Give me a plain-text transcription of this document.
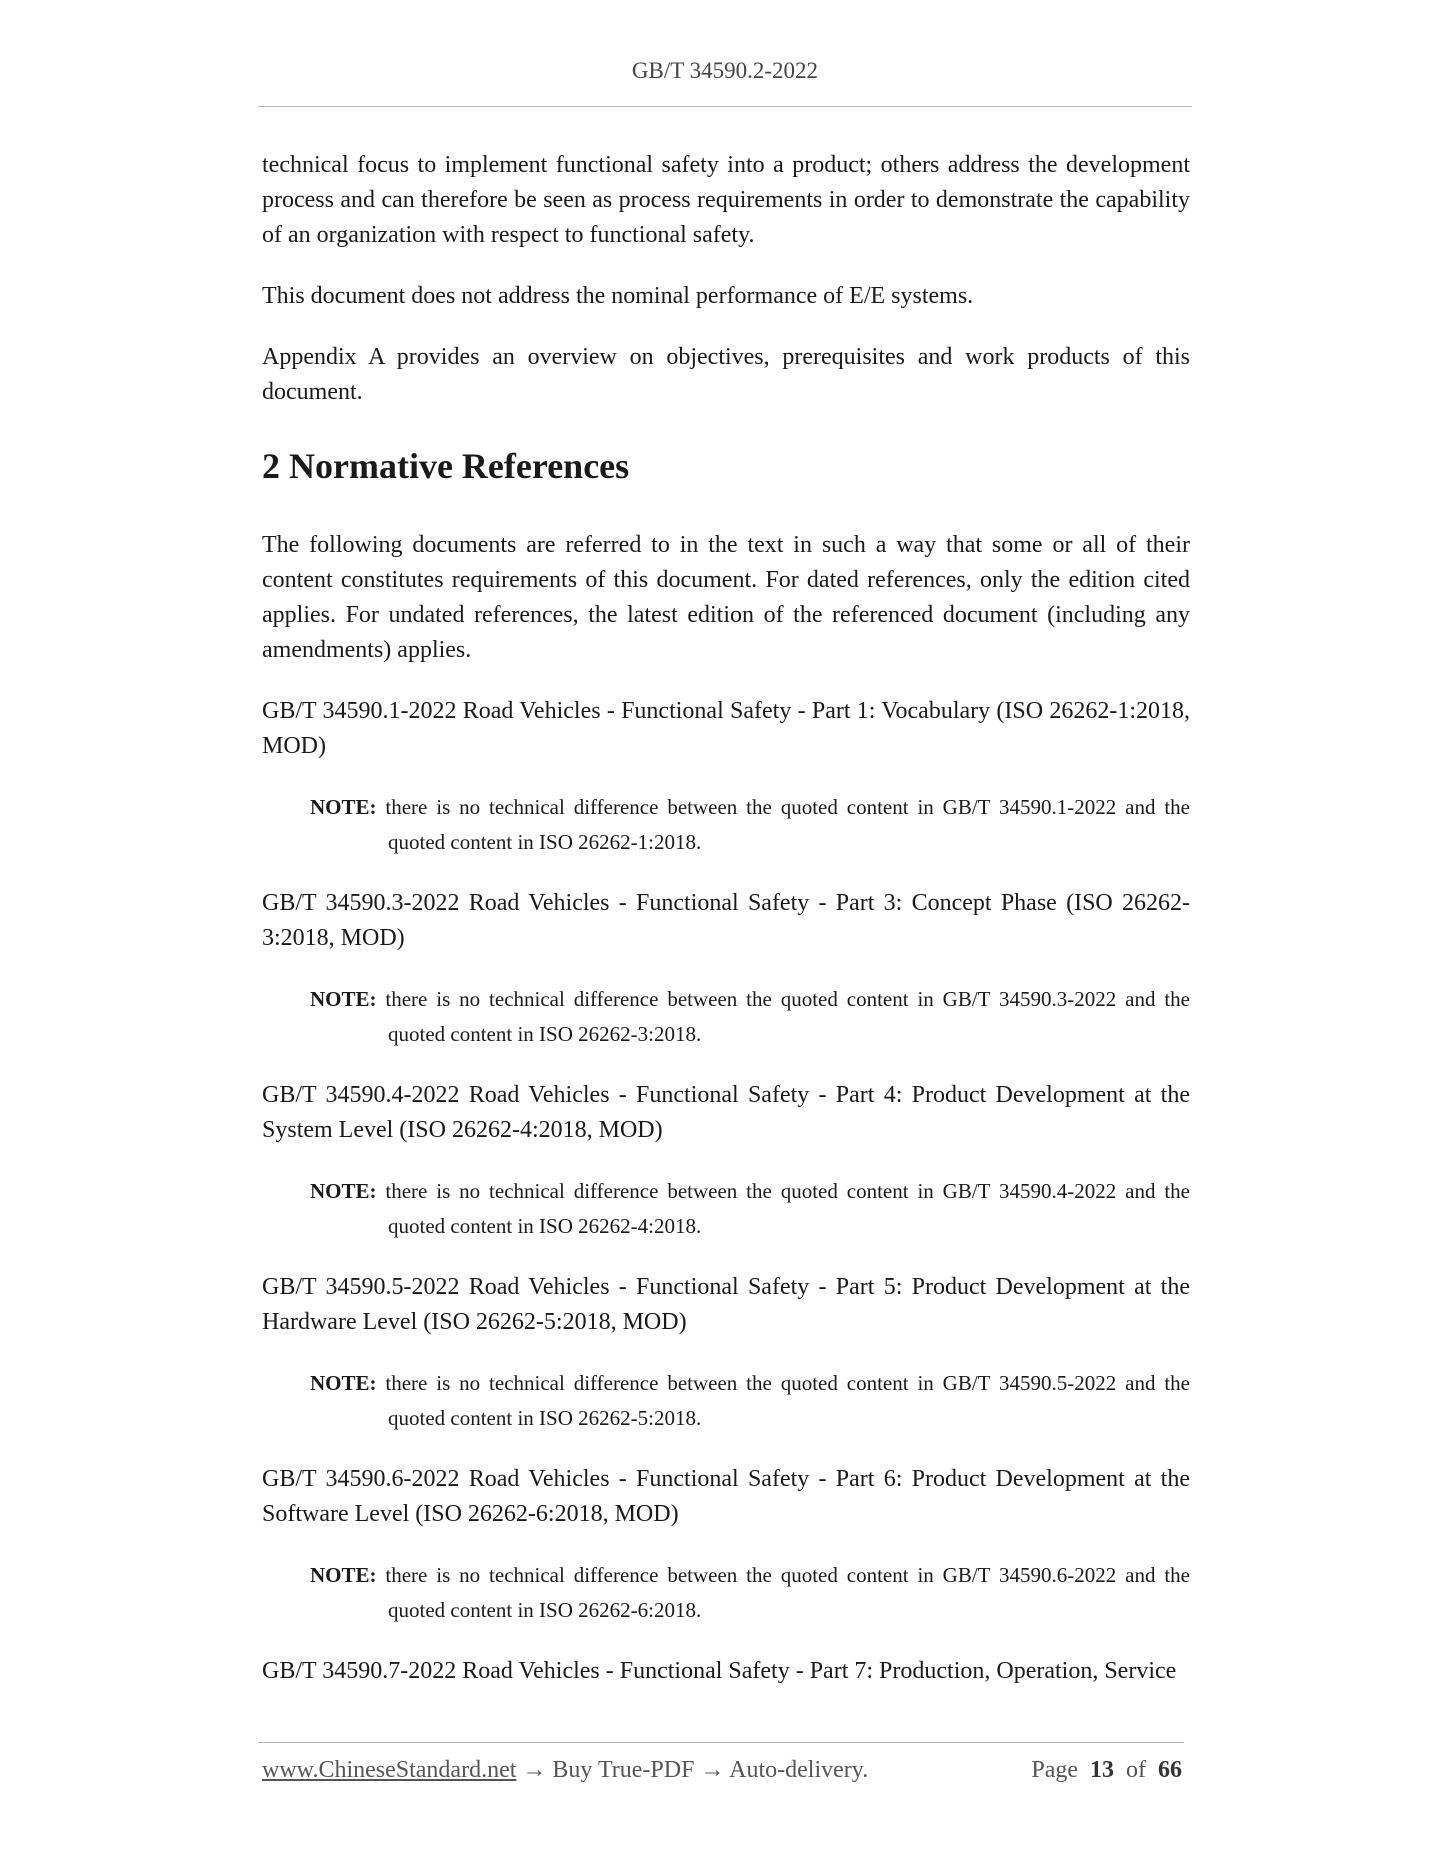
GB/T 34590.2-2022

technical focus to implement functional safety into a product; others address the development process and can therefore be seen as process requirements in order to demonstrate the capability of an organization with respect to functional safety.

This document does not address the nominal performance of E/E systems.

Appendix A provides an overview on objectives, prerequisites and work products of this document.

2 Normative References

The following documents are referred to in the text in such a way that some or all of their content constitutes requirements of this document. For dated references, only the edition cited applies. For undated references, the latest edition of the referenced document (including any amendments) applies.

GB/T 34590.1-2022 Road Vehicles - Functional Safety - Part 1: Vocabulary (ISO 26262-1:2018, MOD)

NOTE: there is no technical difference between the quoted content in GB/T 34590.1-2022 and the quoted content in ISO 26262-1:2018.

GB/T 34590.3-2022 Road Vehicles - Functional Safety - Part 3: Concept Phase (ISO 26262-3:2018, MOD)

NOTE: there is no technical difference between the quoted content in GB/T 34590.3-2022 and the quoted content in ISO 26262-3:2018.

GB/T 34590.4-2022 Road Vehicles - Functional Safety - Part 4: Product Development at the System Level (ISO 26262-4:2018, MOD)

NOTE: there is no technical difference between the quoted content in GB/T 34590.4-2022 and the quoted content in ISO 26262-4:2018.

GB/T 34590.5-2022 Road Vehicles - Functional Safety - Part 5: Product Development at the Hardware Level (ISO 26262-5:2018, MOD)

NOTE: there is no technical difference between the quoted content in GB/T 34590.5-2022 and the quoted content in ISO 26262-5:2018.

GB/T 34590.6-2022 Road Vehicles - Functional Safety - Part 6: Product Development at the Software Level (ISO 26262-6:2018, MOD)

NOTE: there is no technical difference between the quoted content in GB/T 34590.6-2022 and the quoted content in ISO 26262-6:2018.

GB/T 34590.7-2022 Road Vehicles - Functional Safety - Part 7: Production, Operation, Service

www.ChineseStandard.net → Buy True-PDF → Auto-delivery.	Page 13 of 66
